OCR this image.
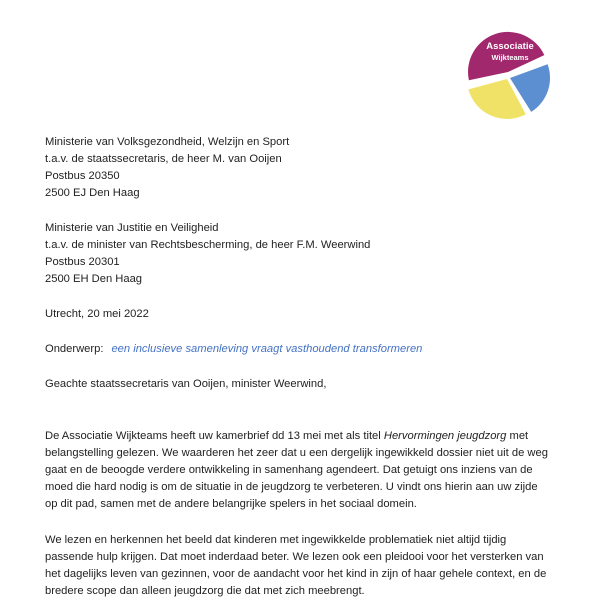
Associatie
Wijkteams
Ministerie van Volksgezondheid, Welzijn en Sport
t.a.v. de staatssecretaris, de heer M. van Ooijen
Postbus 20350
2500 EJ Den Haag
Ministerie van Justitie en Veiligheid
t.a.v. de minister van Rechtsbescherming, de heer F.M. Weerwind
Postbus 20301
2500 EH Den Haag
Utrecht, 20 mei 2022
Onderwerp: een inclusieve samenleving vraagt vasthoudend transformeren
Geachte staatssecretaris van Ooijen, minister Weerwind,
De Associatie Wijkteams heeft uw kamerbrief dd 13 mei met als titel Hervormingen jeugdzorg met
belangstelling gelezen. We waarderen het zeer dat u een dergelijk ingewikkeld dossier niet uit de weg
gaat en de beoogde verdere ontwikkeling in samenhang agendeert. Dat getuigt ons inziens van de
moed die hard nodig is om de situatie in de jeugdzorg te verbeteren. U vindt ons hierin aan uw zijde
op dit pad, samen met de andere belangrijke spelers in het sociaal domein.
We lezen en herkennen het beeld dat kinderen met ingewikkelde problematiek niet altijd tijdig
passende hulp krijgen. Dat moet inderdaad beter. We lezen ook een pleidooi voor het versterken van
het dagelijks leven van gezinnen, voor de aandacht voor het kind in zijn of haar gehele context, en de
bredere scope dan alleen jeugdzorg die dat met zich meebrengt.
